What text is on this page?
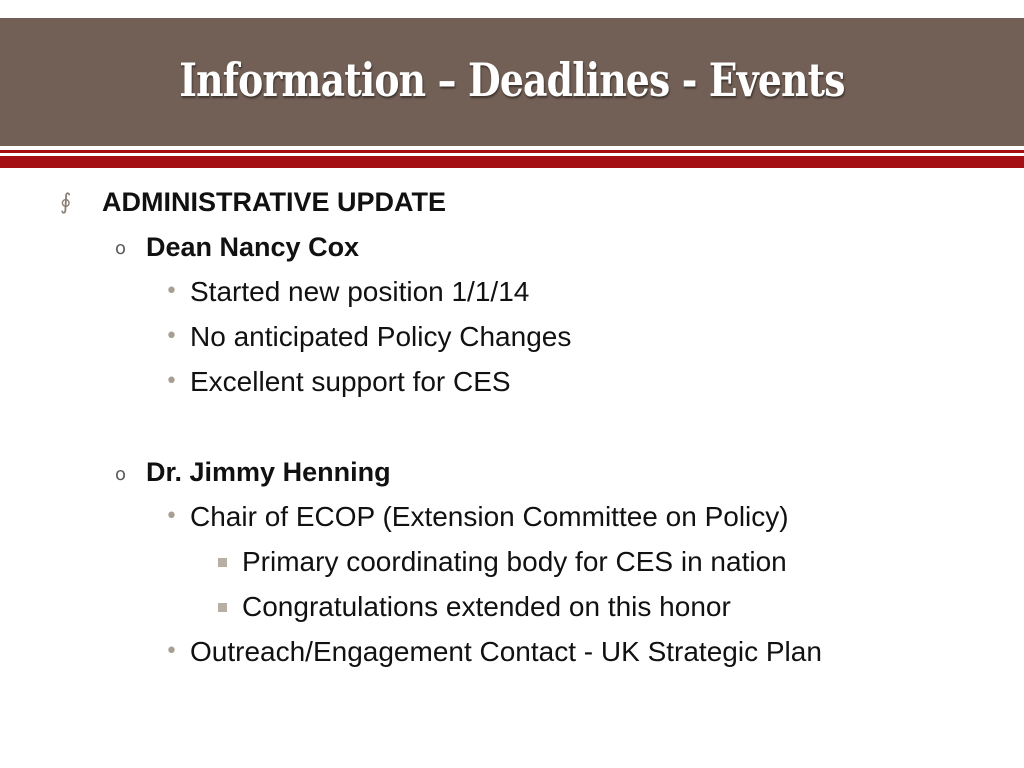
Information – Deadlines - Events
∮ ADMINISTRATIVE UPDATE
o Dean Nancy Cox
• Started new position 1/1/14
• No anticipated Policy Changes
• Excellent support for CES
o Dr. Jimmy Henning
• Chair of ECOP (Extension Committee on Policy)
Primary coordinating body for CES in nation
Congratulations extended on this honor
• Outreach/Engagement Contact - UK Strategic Plan
